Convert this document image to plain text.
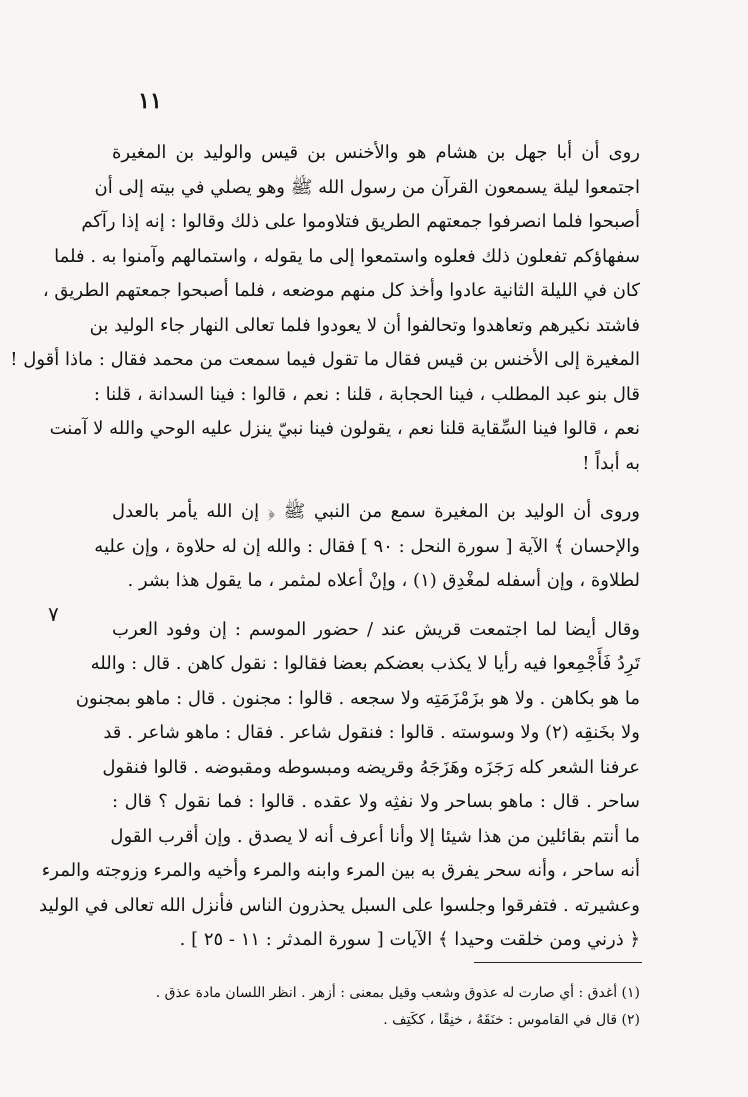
١١
٧
روى أن أبا جهل بن هشام هو والأخنس بن قيس والوليد بن المغيرة
اجتمعوا ليلة يسمعون القرآن من رسول الله ﷺ وهو يصلي في بيته إلى أن
أصبحوا فلما انصرفوا جمعتهم الطريق فتلاوموا على ذلك وقالوا : إنه إذا رآكم
سفهاؤكم تفعلون ذلك فعلوه واستمعوا إلى ما يقوله ، واستمالهم وآمنوا به . فلما
كان في الليلة الثانية عادوا وأخذ كل منهم موضعه ، فلما أصبحوا جمعتهم الطريق ،
فاشتد نكيرهم وتعاهدوا وتحالفوا أن لا يعودوا فلما تعالى النهار جاء الوليد بن
المغيرة إلى الأخنس بن قيس فقال ما تقول فيما سمعت من محمد فقال : ماذا أقول !
قال بنو عبد المطلب ، فينا الحجابة ، قلنا : نعم ، قالوا : فينا السدانة ، قلنا :
نعم ، قالوا فينا السِّقاية قلنا نعم ، يقولون فينا نبيّ ينزل عليه الوحي والله لا آمنت
به أبداً !
وروى أن الوليد بن المغيرة سمع من النبي ﷺ ﴿ إن الله يأمر بالعدل
والإحسان ﴾ الآية [ سورة النحل : ٩٠ ] فقال : والله إن له حلاوة ، وإن عليه
لطلاوة ، وإن أسفله لمغْدِق (١) ، وإنْ أعلاه لمثمر ، ما يقول هذا بشر .
وقال أيضا لما اجتمعت قريش عند / حضور الموسم : إن وفود العرب
تَرِدُ فَأَجْمِعوا فيه رأيا لا يكذب بعضكم بعضا فقالوا : نقول كاهن . قال : والله
ما هو بكاهن . ولا هو بزَمْزَمَتِه ولا سجعه . قالوا : مجنون . قال : ماهو بمجنون
ولا بخَنقِه (٢) ولا وسوسته . قالوا : فنقول شاعر . فقال : ماهو شاعر . قد
عرفنا الشعر كله رَجَزَه وهَزَجَهُ وقريضه ومبسوطه ومقبوضه . قالوا فنقول
ساحر . قال : ماهو بساحر ولا نفثِه ولا عقده . قالوا : فما نقول ؟ قال :
ما أنتم بقائلين من هذا شيئا إلا وأنا أعرف أنه لا يصدق . وإن أقرب القول
أنه ساحر ، وأنه سحر يفرق به بين المرء وابنه والمرء وأخيه والمرء وزوجته والمرء
وعشيرته . فتفرقوا وجلسوا على السبل يحذرون الناس فأنزل الله تعالى في الوليد
﴿ ذرني ومن خلقت وحيدا ﴾ الآيات [ سورة المدثر : ١١ - ٢٥ ] .
(١) أغدق : أي صارت له عذوق وشعب وقيل بمعنى : أزهر . انظر اللسان مادة عذق .
(٢) قال في القاموس : خنَقَهُ ، خنِقًا ، ككَتِف .
